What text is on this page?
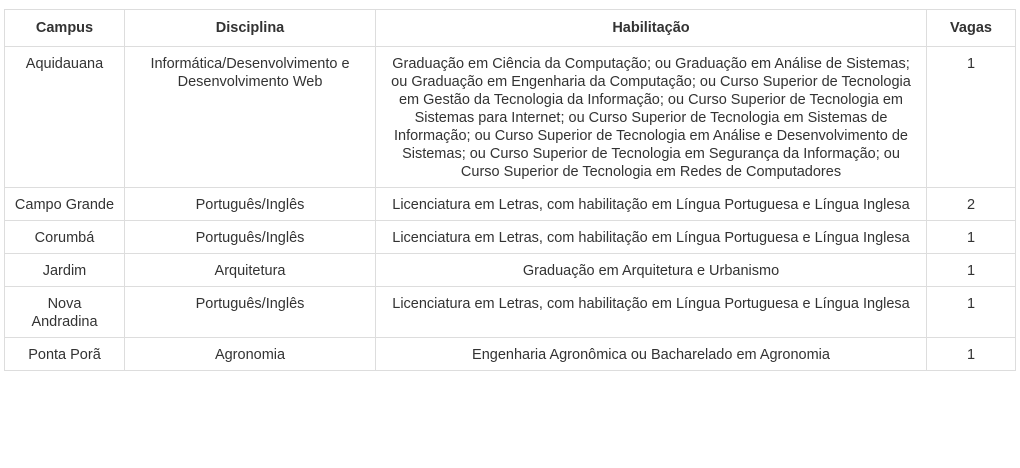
Campus	Disciplina	Habilitação	Vagas
Aquidauana	Informática/Desenvolvimento e Desenvolvimento Web	Graduação em Ciência da Computação; ou Graduação em Análise de Sistemas; ou Graduação em Engenharia da Computação; ou Curso Superior de Tecnologia em Gestão da Tecnologia da Informação; ou Curso Superior de Tecnologia em Sistemas para Internet; ou Curso Superior de Tecnologia em Sistemas de Informação; ou Curso Superior de Tecnologia em Análise e Desenvolvimento de Sistemas; ou Curso Superior de Tecnologia em Segurança da Informação; ou Curso Superior de Tecnologia em Redes de Computadores	1
Campo Grande	Português/Inglês	Licenciatura em Letras, com habilitação em Língua Portuguesa e Língua Inglesa	2
Corumbá	Português/Inglês	Licenciatura em Letras, com habilitação em Língua Portuguesa e Língua Inglesa	1
Jardim	Arquitetura	Graduação em Arquitetura e Urbanismo	1
Nova Andradina	Português/Inglês	Licenciatura em Letras, com habilitação em Língua Portuguesa e Língua Inglesa	1
Ponta Porã	Agronomia	Engenharia Agronômica ou Bacharelado em Agronomia	1
